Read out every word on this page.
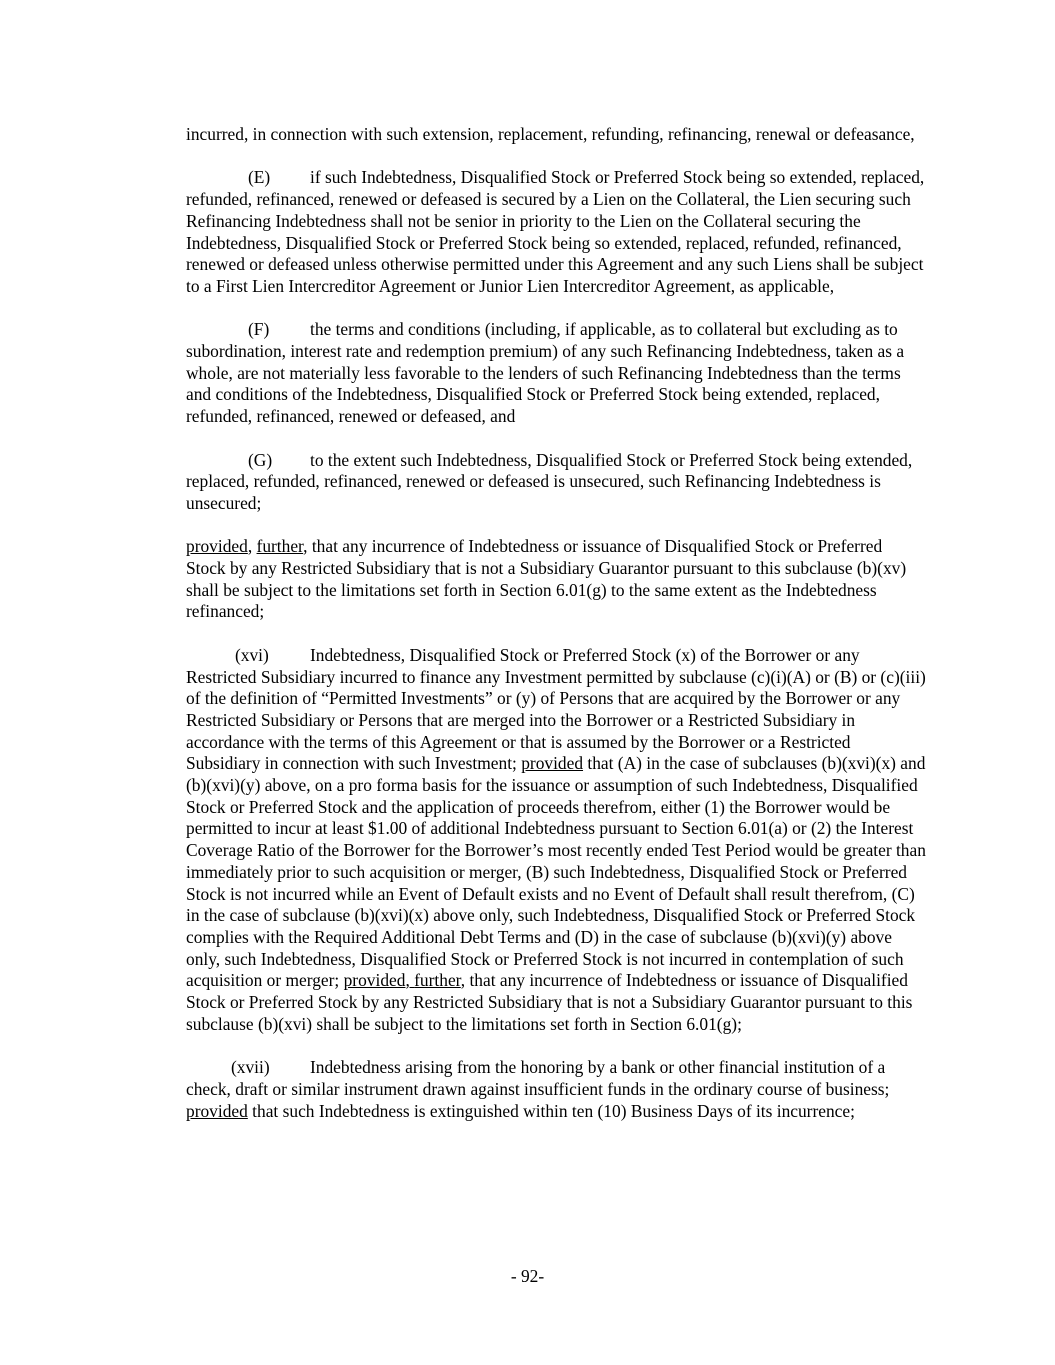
incurred, in connection with such extension, replacement, refunding, refinancing, renewal or defeasance,

(E) if such Indebtedness, Disqualified Stock or Preferred Stock being so extended, replaced, refunded, refinanced, renewed or defeased is secured by a Lien on the Collateral, the Lien securing such Refinancing Indebtedness shall not be senior in priority to the Lien on the Collateral securing the Indebtedness, Disqualified Stock or Preferred Stock being so extended, replaced, refunded, refinanced, renewed or defeased unless otherwise permitted under this Agreement and any such Liens shall be subject to a First Lien Intercreditor Agreement or Junior Lien Intercreditor Agreement, as applicable,

(F) the terms and conditions (including, if applicable, as to collateral but excluding as to subordination, interest rate and redemption premium) of any such Refinancing Indebtedness, taken as a whole, are not materially less favorable to the lenders of such Refinancing Indebtedness than the terms and conditions of the Indebtedness, Disqualified Stock or Preferred Stock being extended, replaced, refunded, refinanced, renewed or defeased, and

(G) to the extent such Indebtedness, Disqualified Stock or Preferred Stock being extended, replaced, refunded, refinanced, renewed or defeased is unsecured, such Refinancing Indebtedness is unsecured;

provided, further, that any incurrence of Indebtedness or issuance of Disqualified Stock or Preferred Stock by any Restricted Subsidiary that is not a Subsidiary Guarantor pursuant to this subclause (b)(xv) shall be subject to the limitations set forth in Section 6.01(g) to the same extent as the Indebtedness refinanced;

(xvi) Indebtedness, Disqualified Stock or Preferred Stock (x) of the Borrower or any Restricted Subsidiary incurred to finance any Investment permitted by subclause (c)(i)(A) or (B) or (c)(iii) of the definition of “Permitted Investments” or (y) of Persons that are acquired by the Borrower or any Restricted Subsidiary or Persons that are merged into the Borrower or a Restricted Subsidiary in accordance with the terms of this Agreement or that is assumed by the Borrower or a Restricted Subsidiary in connection with such Investment; provided that (A) in the case of subclauses (b)(xvi)(x) and (b)(xvi)(y) above, on a pro forma basis for the issuance or assumption of such Indebtedness, Disqualified Stock or Preferred Stock and the application of proceeds therefrom, either (1) the Borrower would be permitted to incur at least $1.00 of additional Indebtedness pursuant to Section 6.01(a) or (2) the Interest Coverage Ratio of the Borrower for the Borrower’s most recently ended Test Period would be greater than immediately prior to such acquisition or merger, (B) such Indebtedness, Disqualified Stock or Preferred Stock is not incurred while an Event of Default exists and no Event of Default shall result therefrom, (C) in the case of subclause (b)(xvi)(x) above only, such Indebtedness, Disqualified Stock or Preferred Stock complies with the Required Additional Debt Terms and (D) in the case of subclause (b)(xvi)(y) above only, such Indebtedness, Disqualified Stock or Preferred Stock is not incurred in contemplation of such acquisition or merger; provided, further, that any incurrence of Indebtedness or issuance of Disqualified Stock or Preferred Stock by any Restricted Subsidiary that is not a Subsidiary Guarantor pursuant to this subclause (b)(xvi) shall be subject to the limitations set forth in Section 6.01(g);

(xvii) Indebtedness arising from the honoring by a bank or other financial institution of a check, draft or similar instrument drawn against insufficient funds in the ordinary course of business; provided that such Indebtedness is extinguished within ten (10) Business Days of its incurrence;

- 92-
